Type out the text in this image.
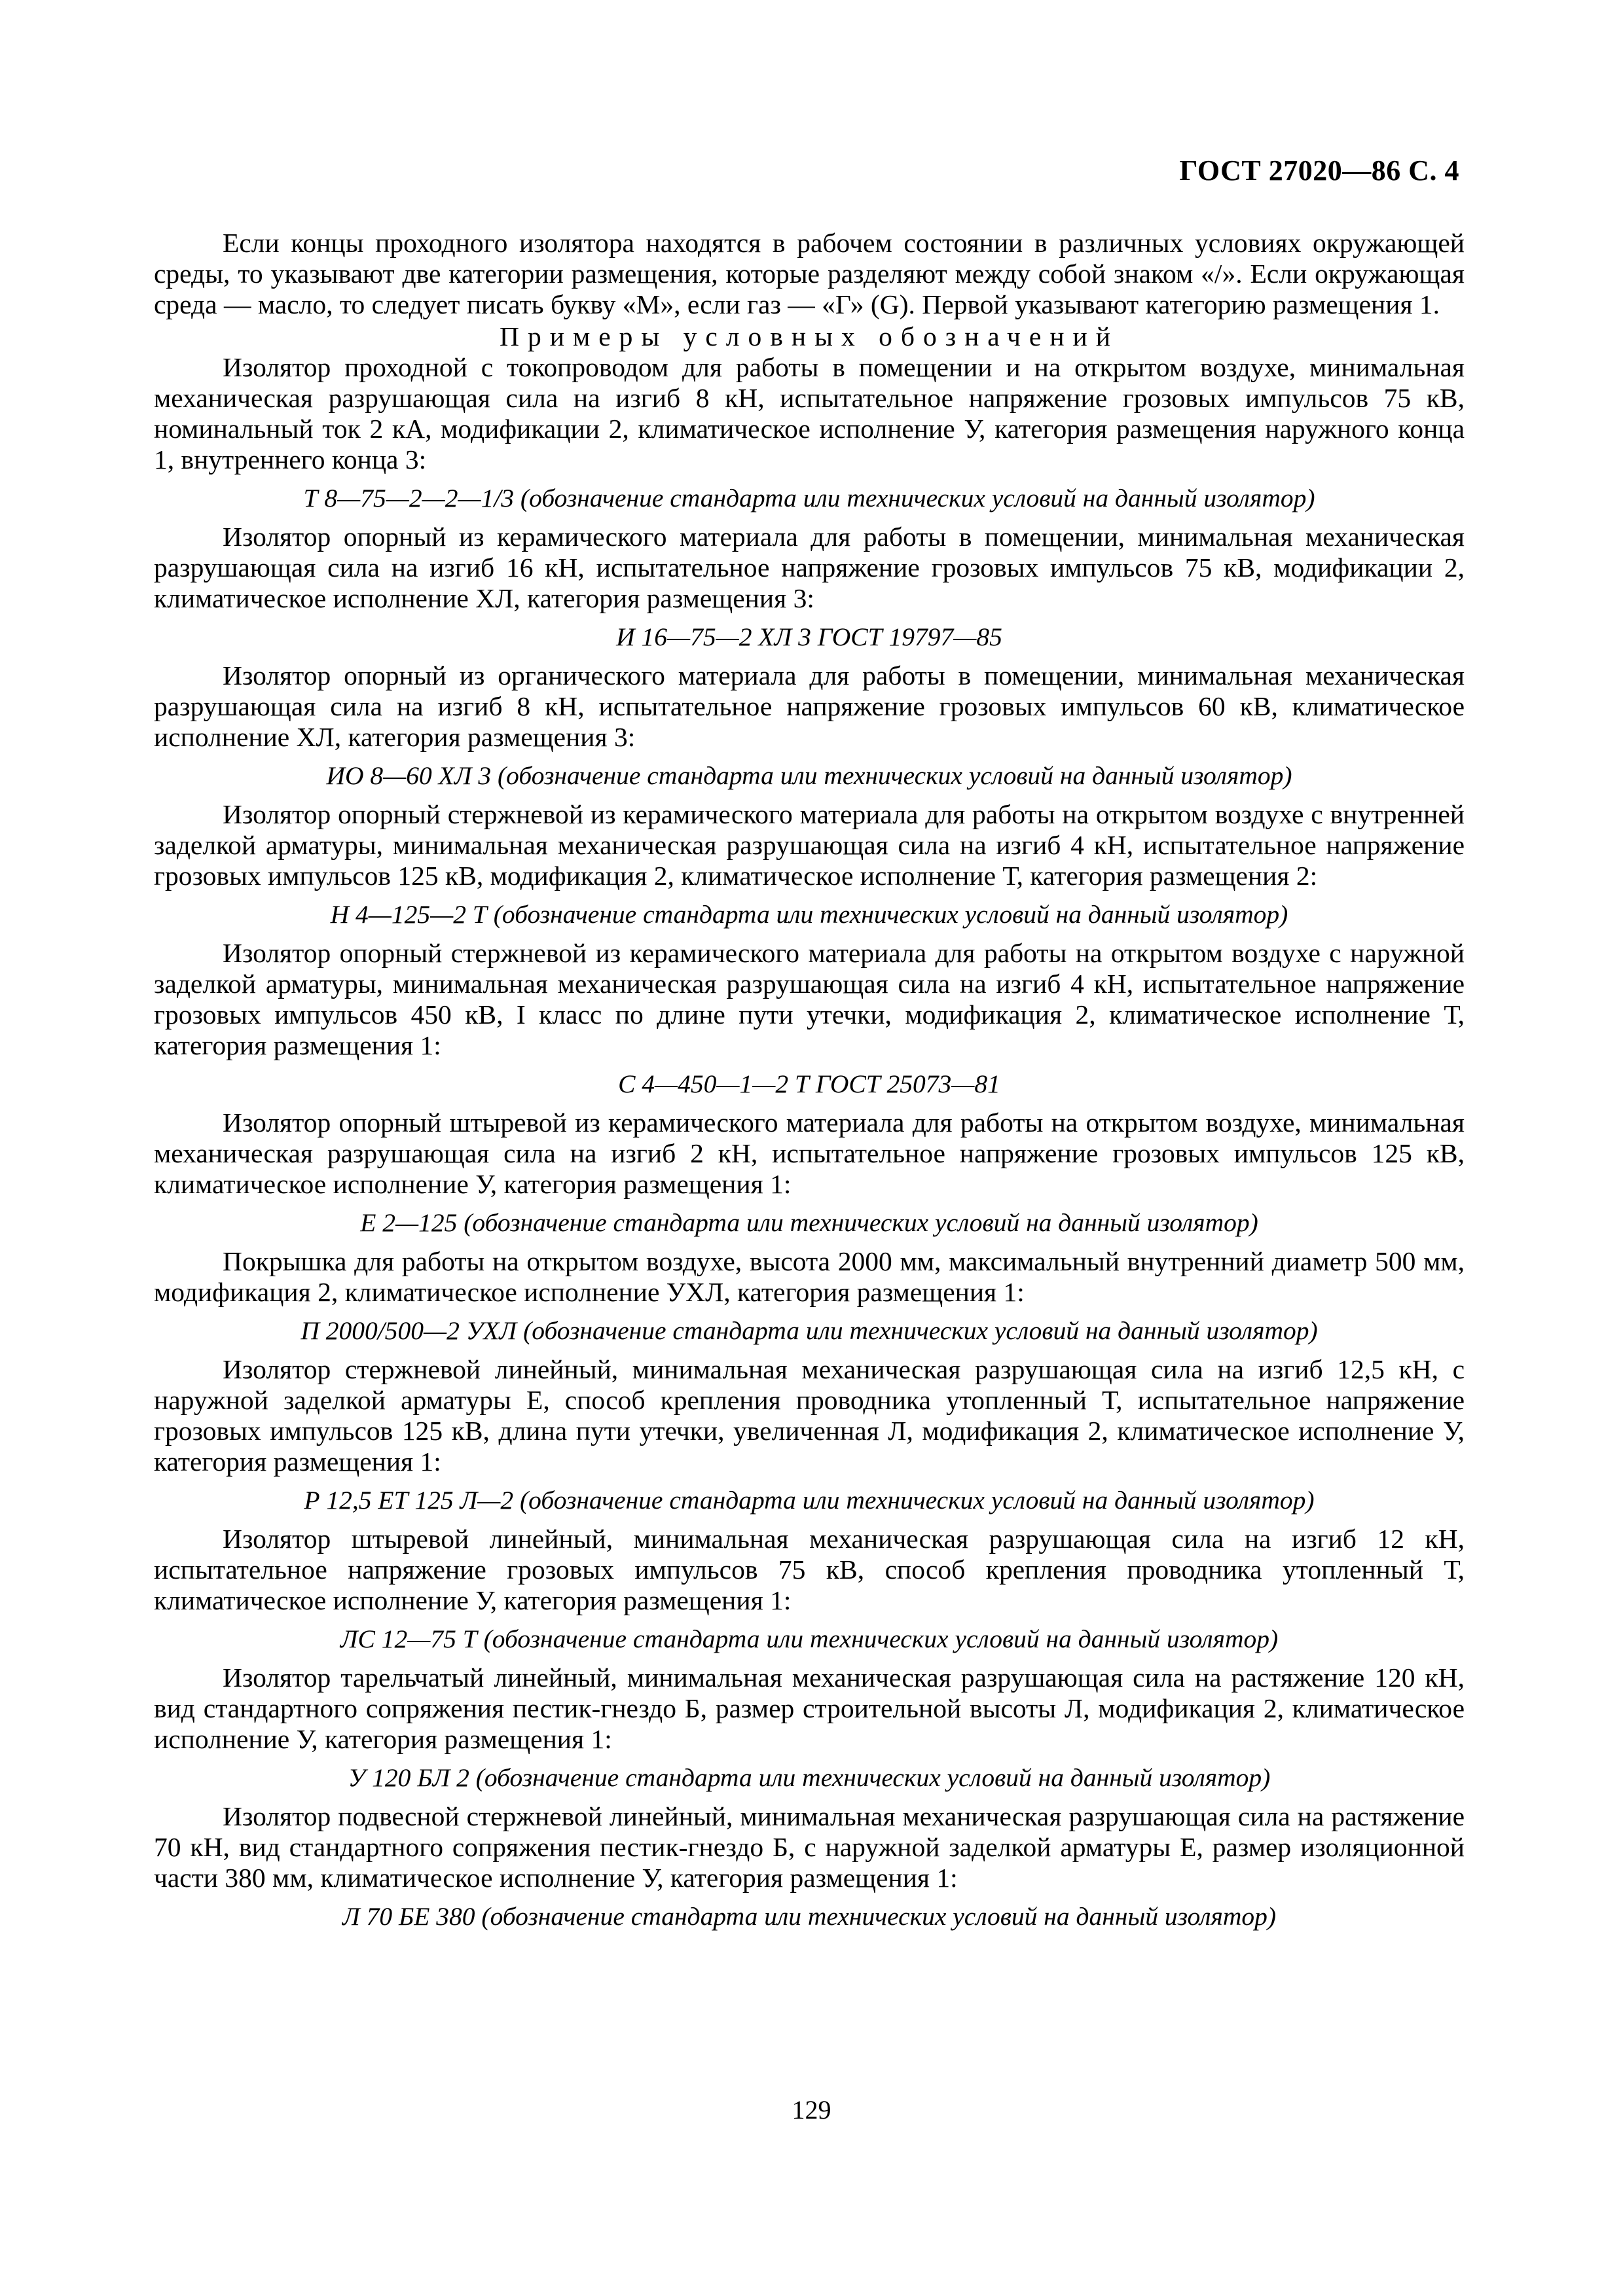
ГОСТ 27020—86 С. 4

Если концы проходного изолятора находятся в рабочем состоянии в различных условиях окружающей среды, то указывают две категории размещения, которые разделяют между собой знаком «/». Если окружающая среда — масло, то следует писать букву «М», если газ — «Г» (G). Первой указывают категорию размещения 1.

Примеры условных обозначений

Изолятор проходной с токопроводом для работы в помещении и на открытом воздухе, минимальная механическая разрушающая сила на изгиб 8 кН, испытательное напряжение грозовых импульсов 75 кВ, номинальный ток 2 кА, модификации 2, климатическое исполнение У, категория размещения наружного конца 1, внутреннего конца 3:

Т 8—75—2—2—1/3 (обозначение стандарта или технических условий на данный изолятор)

Изолятор опорный из керамического материала для работы в помещении, минимальная механическая разрушающая сила на изгиб 16 кН, испытательное напряжение грозовых импульсов 75 кВ, модификации 2, климатическое исполнение ХЛ, категория размещения 3:

И 16—75—2 ХЛ 3 ГОСТ 19797—85

Изолятор опорный из органического материала для работы в помещении, минимальная механическая разрушающая сила на изгиб 8 кН, испытательное напряжение грозовых импульсов 60 кВ, климатическое исполнение ХЛ, категория размещения 3:

ИО 8—60 ХЛ 3 (обозначение стандарта или технических условий на данный изолятор)

Изолятор опорный стержневой из керамического материала для работы на открытом воздухе с внутренней заделкой арматуры, минимальная механическая разрушающая сила на изгиб 4 кН, испытательное напряжение грозовых импульсов 125 кВ, модификация 2, климатическое исполнение Т, категория размещения 2:

Н 4—125—2 Т (обозначение стандарта или технических условий на данный изолятор)

Изолятор опорный стержневой из керамического материала для работы на открытом воздухе с наружной заделкой арматуры, минимальная механическая разрушающая сила на изгиб 4 кН, испытательное напряжение грозовых импульсов 450 кВ, I класс по длине пути утечки, модификация 2, климатическое исполнение Т, категория размещения 1:

С 4—450—1—2 Т ГОСТ 25073—81

Изолятор опорный штыревой из керамического материала для работы на открытом воздухе, минимальная механическая разрушающая сила на изгиб 2 кН, испытательное напряжение грозовых импульсов 125 кВ, климатическое исполнение У, категория размещения 1:

Е 2—125 (обозначение стандарта или технических условий на данный изолятор)

Покрышка для работы на открытом воздухе, высота 2000 мм, максимальный внутренний диаметр 500 мм, модификация 2, климатическое исполнение УХЛ, категория размещения 1:

П 2000/500—2 УХЛ (обозначение стандарта или технических условий на данный изолятор)

Изолятор стержневой линейный, минимальная механическая разрушающая сила на изгиб 12,5 кН, с наружной заделкой арматуры Е, способ крепления проводника утопленный Т, испытательное напряжение грозовых импульсов 125 кВ, длина пути утечки, увеличенная Л, модификация 2, климатическое исполнение У, категория размещения 1:

Р 12,5 ЕТ 125 Л—2 (обозначение стандарта или технических условий на данный изолятор)

Изолятор штыревой линейный, минимальная механическая разрушающая сила на изгиб 12 кН, испытательное напряжение грозовых импульсов 75 кВ, способ крепления проводника утопленный Т, климатическое исполнение У, категория размещения 1:

ЛС 12—75 Т (обозначение стандарта или технических условий на данный изолятор)

Изолятор тарельчатый линейный, минимальная механическая разрушающая сила на растяжение 120 кН, вид стандартного сопряжения пестик-гнездо Б, размер строительной высоты Л, модификация 2, климатическое исполнение У, категория размещения 1:

У 120 БЛ 2 (обозначение стандарта или технических условий на данный изолятор)

Изолятор подвесной стержневой линейный, минимальная механическая разрушающая сила на растяжение 70 кН, вид стандартного сопряжения пестик-гнездо Б, с наружной заделкой арматуры Е, размер изоляционной части 380 мм, климатическое исполнение У, категория размещения 1:

Л 70 БЕ 380 (обозначение стандарта или технических условий на данный изолятор)
129
